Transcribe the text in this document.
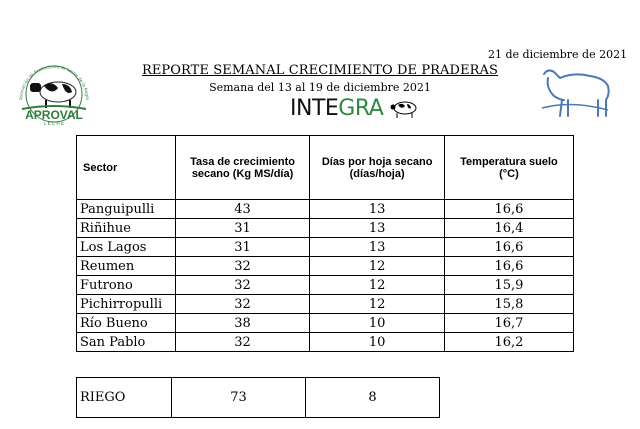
21 de diciembre de 2021
REPORTE SEMANAL CRECIMIENTO DE PRADERAS
Semana del 13 al 19 de diciembre 2021
INTEGRA
Asociación de Productores de Leche de la Regió
APROVAL
L E C H E
Sector	Tasa de crecimiento secano (Kg MS/día)	Días por hoja secano (días/hoja)	Temperatura suelo (°C)
Panguipulli	43	13	16,6
Riñihue	31	13	16,4
Los Lagos	31	13	16,6
Reumen	32	12	16,6
Futrono	32	12	15,9
Pichirropulli	32	12	15,8
Río Bueno	38	10	16,7
San Pablo	32	10	16,2
RIEGO	73	8
